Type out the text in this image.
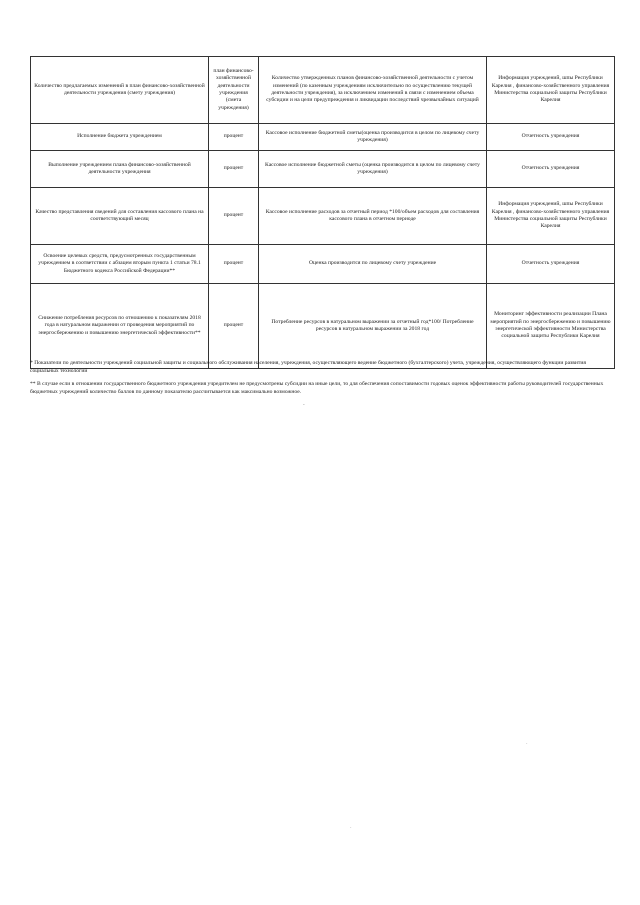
Количество предлагаемых изменений в план финансово-хозяйственной деятельности учреждения (смету учреждения)	план финансово-хозяйственной деятельности учреждения (смета учреждения)	Количество утвержденных планов финансово-хозяйственной деятельности с учетом изменений (по казенным учреждениям исключительно по осуществлению текущей деятельности учреждения), за исключением изменений в связи с изменением объема субсидии и на цели предупреждения и ликвидации последствий чрезвычайных ситуаций	Информация учреждений, шпы Республики Карелия , финансово-хозяйственного управления Министерства социальной защиты Республики Карелия
Исполнение бюджета учреждением	процент	Кассовое исполнение бюджетной сметы(оценка производится в целом по лицевому счету учреждения)	Отчетность учреждения
Выполнение учреждением плана финансово-хозяйственной деятельности учреждения	процент	Кассовое исполнение бюджетной сметы (оценка производится в целом по лицевому счету учреждения)	Отчетность учреждения
Качество представления сведений для составления кассового плана на соответствующий месяц	процент	Кассовое исполнение расходов за отчетный период *100/объем расходов для составления кассового плана в отчетном периоде	Информация учреждений, шпы Республики Карелия , финансово-хозяйственного управления Министерства социальной защиты Республики Карелия
Освоение целевых средств, предусмотренных государственным учреждением в соответствии с абзацем вторым пункта 1 статьи 78.1 Бюджетного кодекса Российской Федерации**	процент	Оценка производится по лицевому счету учреждение	Отчетность учреждения
Снижение потребления ресурсов по отношению к показателям 2018 года в натуральном выражении от проведения мероприятий по энергосбережению и повышению энергетической эффективности**	процент	Потребление ресурсов в натуральном выражении за отчетный год*100/ Потребление ресурсов в натуральном выражении за 2018 год	Мониторинг эффективности реализации Плана мероприятий по энергосбережению и повышению энергетической эффективности Министерства социальной защиты Республики Карелия

* Показатели по деятельности учреждений социальной защиты и социального обслуживания населения, учреждения, осуществляющего ведение бюджетного (бухгалтерского) учета, учреждения, осуществляющего функции развития социальных технологий

** В случае если в отношении государственного бюджетного учреждения учредителем не предусмотрены субсидии на иные цели, то для обеспечения сопоставимости годовых оценок эффективности работы руководителей государственных бюджетных учреждений количество баллов по данному показателю рассчитывается как максимально возможное.

-
·
·
